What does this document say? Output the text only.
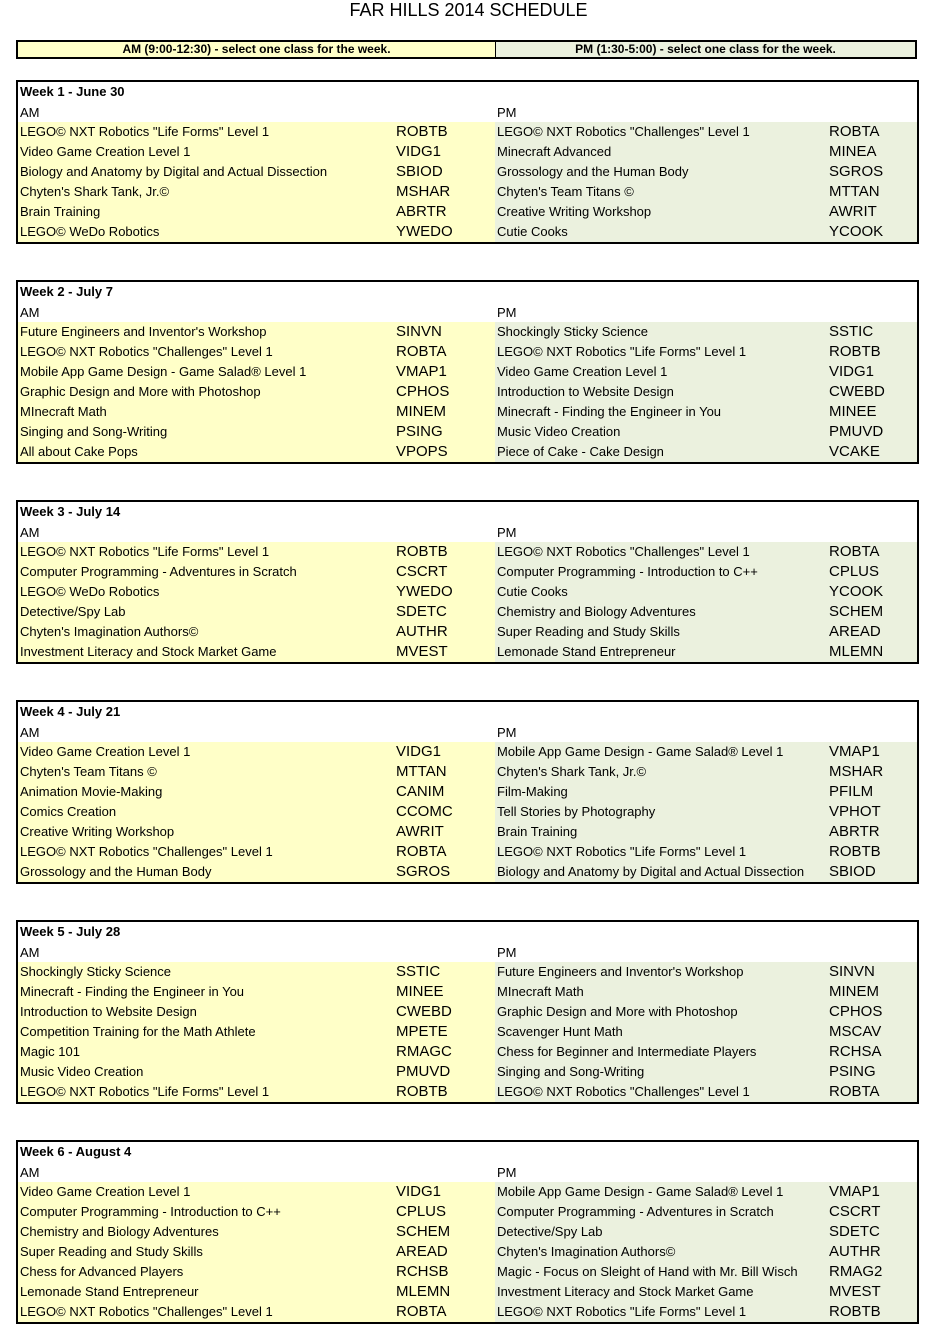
FAR HILLS 2014 SCHEDULE
AM (9:00-12:30) - select one class for the week.	PM (1:30-5:00) - select one class for the week.
Week 1 - June 30
AM	PM
LEGO© NXT Robotics "Life Forms" Level 1	ROBTB	LEGO© NXT Robotics "Challenges" Level 1	ROBTA
Video Game Creation Level 1	VIDG1	Minecraft Advanced	MINEA
Biology and Anatomy by Digital and Actual Dissection	SBIOD	Grossology and the Human Body	SGROS
Chyten's Shark Tank, Jr.©	MSHAR	Chyten's Team Titans ©	MTTAN
Brain Training	ABRTR	Creative Writing Workshop	AWRIT
LEGO© WeDo Robotics	YWEDO	Cutie Cooks	YCOOK
Week 2 - July 7
AM	PM
Future Engineers and Inventor's Workshop	SINVN	Shockingly Sticky Science	SSTIC
LEGO© NXT Robotics "Challenges" Level 1	ROBTA	LEGO© NXT Robotics "Life Forms" Level 1	ROBTB
Mobile App Game Design - Game Salad® Level 1	VMAP1	Video Game Creation Level 1	VIDG1
Graphic Design and More with Photoshop	CPHOS	Introduction to Website Design	CWEBD
MInecraft Math	MINEM	Minecraft - Finding the Engineer in You	MINEE
Singing and Song-Writing	PSING	Music Video Creation	PMUVD
All about Cake Pops	VPOPS	Piece of Cake - Cake Design	VCAKE
Week 3 - July 14
AM	PM
LEGO© NXT Robotics "Life Forms" Level 1	ROBTB	LEGO© NXT Robotics "Challenges" Level 1	ROBTA
Computer Programming - Adventures in Scratch	CSCRT	Computer Programming - Introduction to C++	CPLUS
LEGO© WeDo Robotics	YWEDO	Cutie Cooks	YCOOK
Detective/Spy Lab	SDETC	Chemistry and Biology Adventures	SCHEM
Chyten's Imagination Authors©	AUTHR	Super Reading and Study Skills	AREAD
Investment Literacy and Stock Market Game	MVEST	Lemonade Stand Entrepreneur	MLEMN
Week 4 - July 21
AM	PM
Video Game Creation Level 1	VIDG1	Mobile App Game Design - Game Salad® Level 1	VMAP1
Chyten's Team Titans ©	MTTAN	Chyten's Shark Tank, Jr.©	MSHAR
Animation Movie-Making	CANIM	Film-Making	PFILM
Comics Creation	CCOMC	Tell Stories by Photography	VPHOT
Creative Writing Workshop	AWRIT	Brain Training	ABRTR
LEGO© NXT Robotics "Challenges" Level 1	ROBTA	LEGO© NXT Robotics "Life Forms" Level 1	ROBTB
Grossology and the Human Body	SGROS	Biology and Anatomy by Digital and Actual Dissection SBIOD
Week 5 - July 28
AM	PM
Shockingly Sticky Science	SSTIC	Future Engineers and Inventor's Workshop	SINVN
Minecraft - Finding the Engineer in You	MINEE	MInecraft Math	MINEM
Introduction to Website Design	CWEBD	Graphic Design and More with Photoshop	CPHOS
Competition Training for the Math Athlete	MPETE	Scavenger Hunt Math	MSCAV
Magic 101	RMAGC	Chess for Beginner and Intermediate Players	RCHSA
Music Video Creation	PMUVD	Singing and Song-Writing	PSING
LEGO© NXT Robotics "Life Forms" Level 1	ROBTB	LEGO© NXT Robotics "Challenges" Level 1	ROBTA
Week 6 - August 4
AM	PM
Video Game Creation Level 1	VIDG1	Mobile App Game Design - Game Salad® Level 1	VMAP1
Computer Programming - Introduction to C++	CPLUS	Computer Programming - Adventures in Scratch	CSCRT
Chemistry and Biology Adventures	SCHEM	Detective/Spy Lab	SDETC
Super Reading and Study Skills	AREAD	Chyten's Imagination Authors©	AUTHR
Chess for Advanced Players	RCHSB	Magic - Focus on Sleight of Hand with Mr. Bill Wisch RMAG2
Lemonade Stand Entrepreneur	MLEMN	Investment Literacy and Stock Market Game	MVEST
LEGO© NXT Robotics "Challenges" Level 1	ROBTA	LEGO© NXT Robotics "Life Forms" Level 1	ROBTB
